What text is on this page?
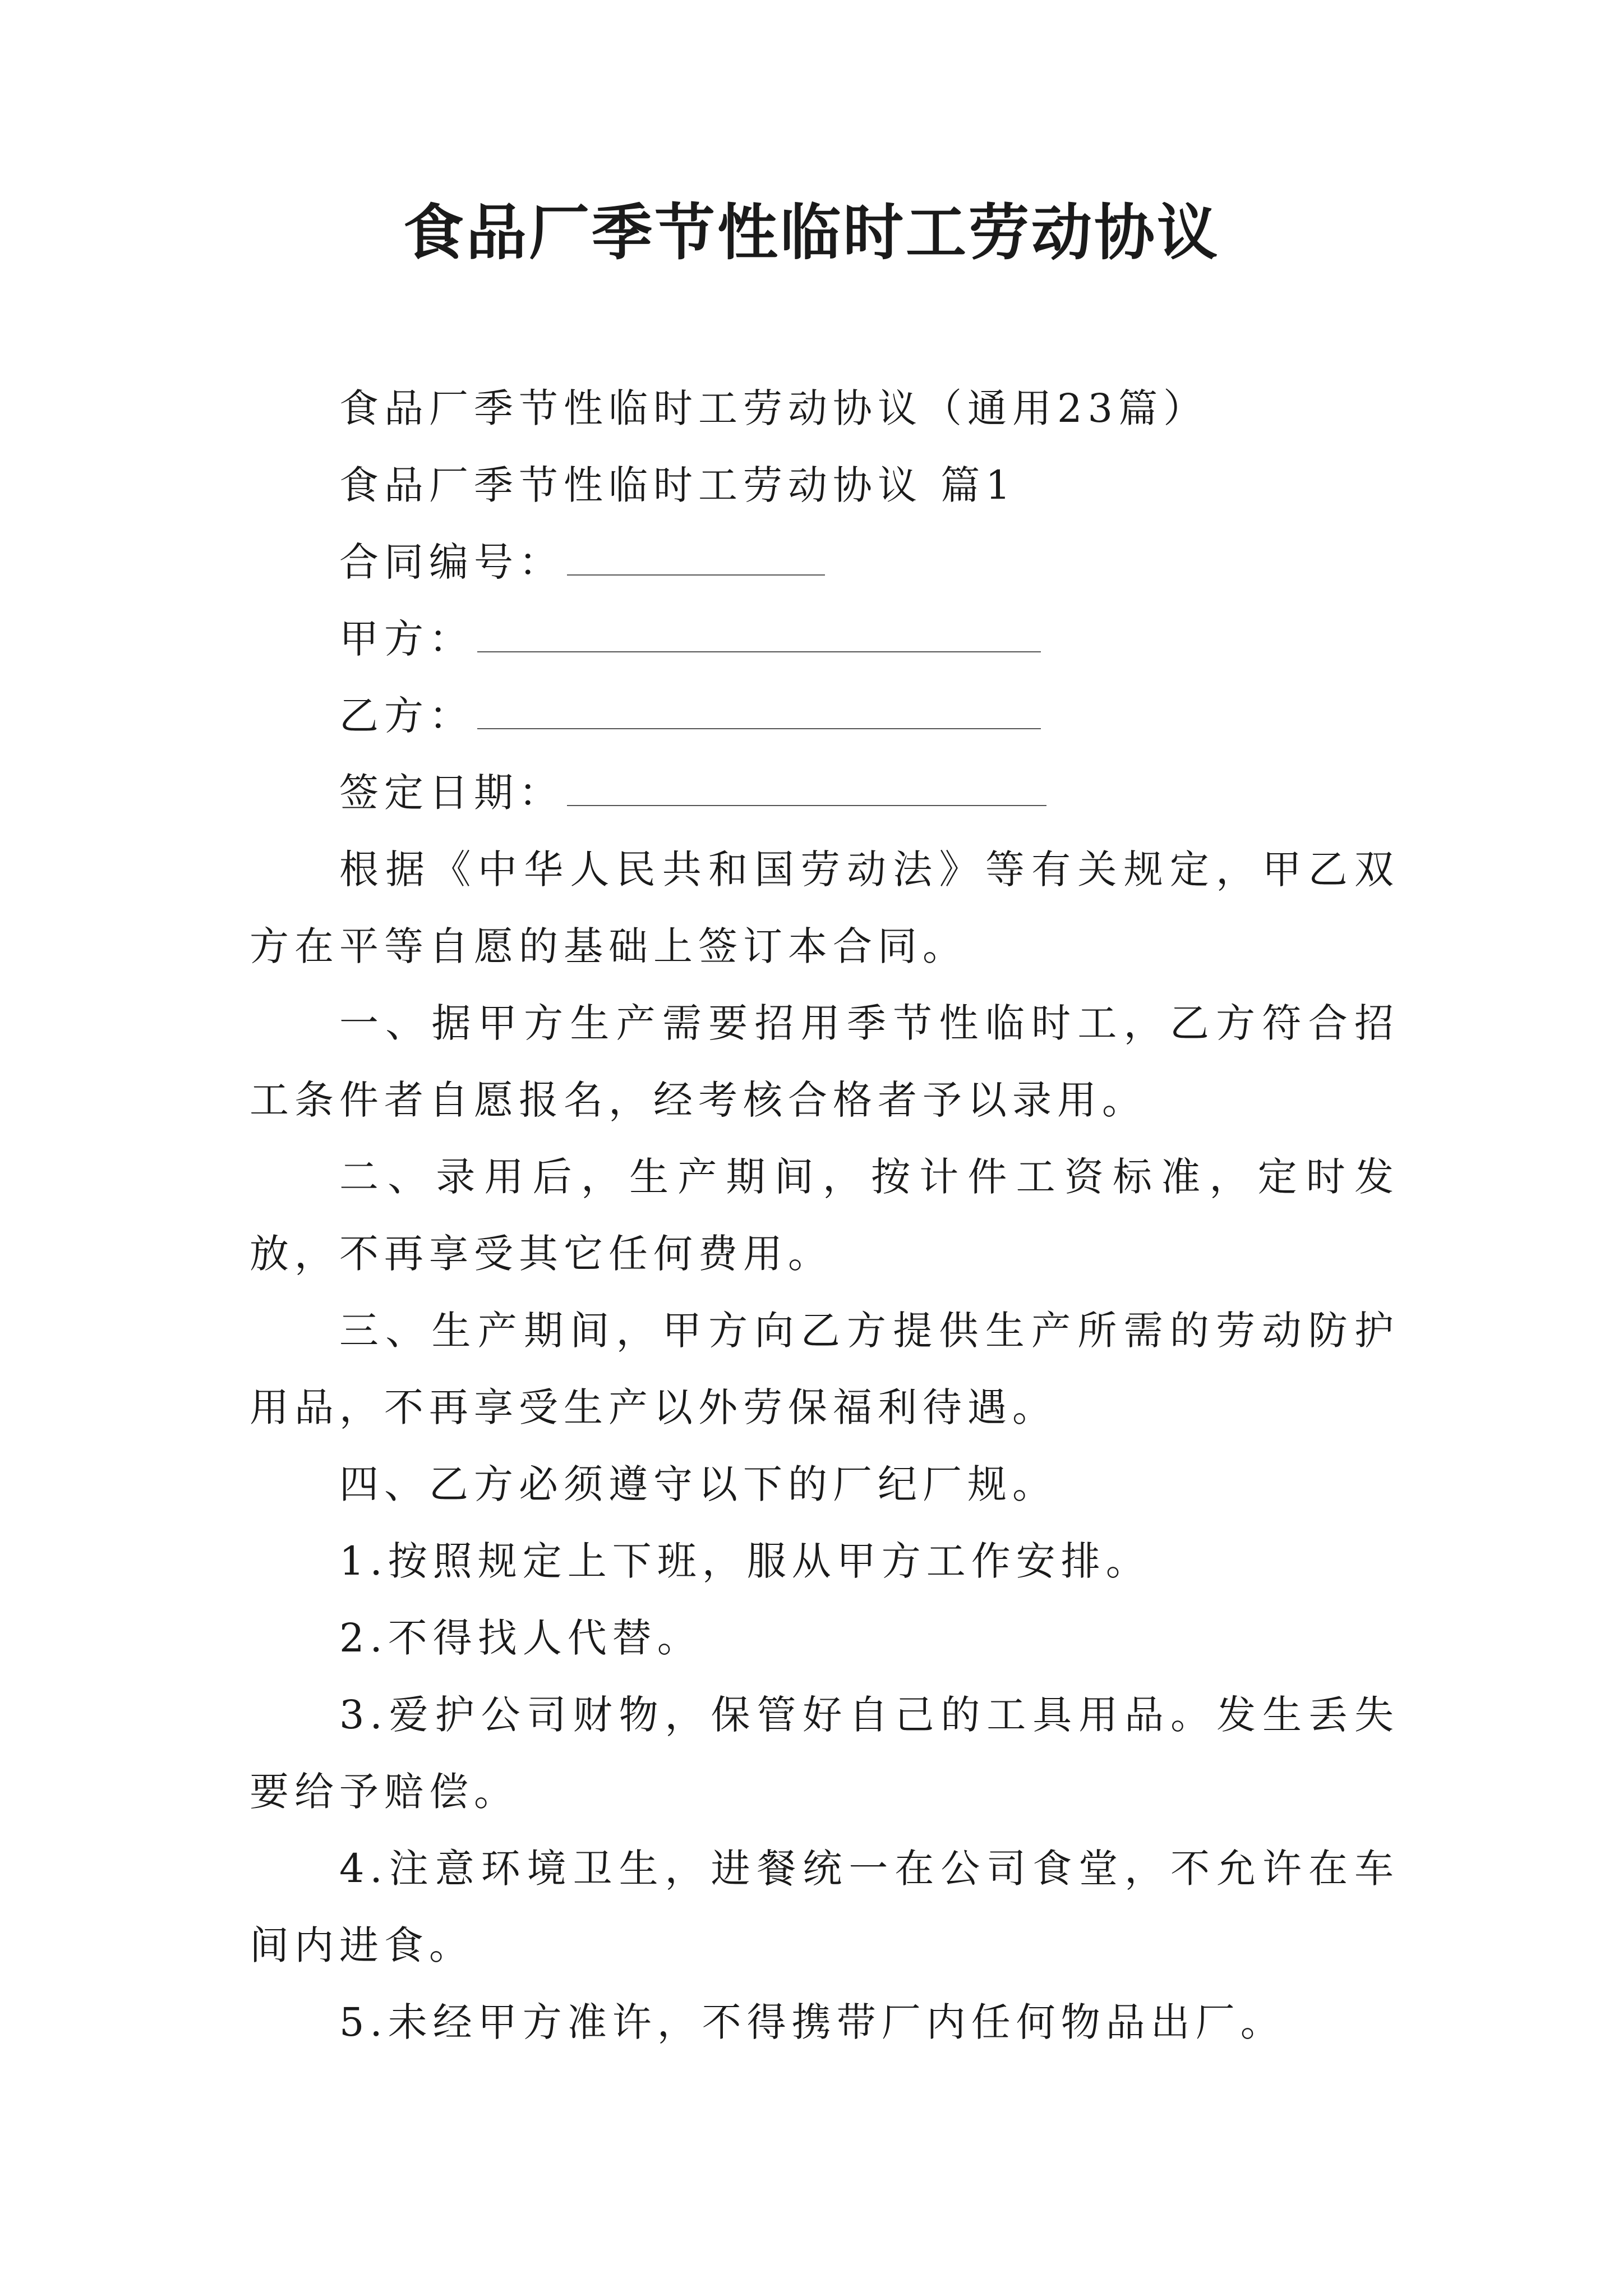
食品厂季节性临时工劳动协议
食品厂季节性临时工劳动协议（通用23篇）
食品厂季节性临时工劳动协议 篇1
合同编号：
甲方：
乙方：
签定日期：
根据《中华人民共和国劳动法》等有关规定，甲乙双方在平等自愿的基础上签订本合同。
一、据甲方生产需要招用季节性临时工，乙方符合招工条件者自愿报名，经考核合格者予以录用。
二、录用后，生产期间，按计件工资标准，定时发放，不再享受其它任何费用。
三、生产期间，甲方向乙方提供生产所需的劳动防护用品，不再享受生产以外劳保福利待遇。
四、乙方必须遵守以下的厂纪厂规。
1.按照规定上下班，服从甲方工作安排。
2.不得找人代替。
3.爱护公司财物，保管好自己的工具用品。发生丢失要给予赔偿。
4.注意环境卫生，进餐统一在公司食堂，不允许在车间内进食。
5.未经甲方准许，不得携带厂内任何物品出厂。
